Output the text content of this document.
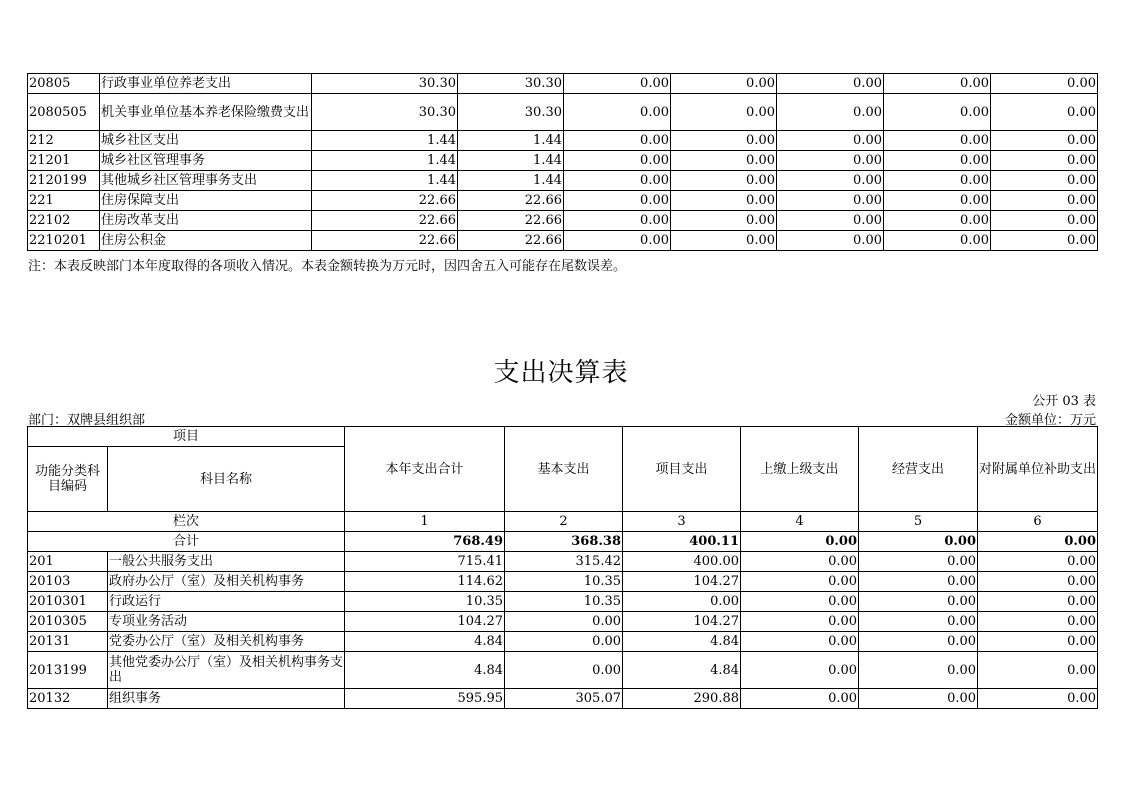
20805	行政事业单位养老支出	30.30	30.30	0.00	0.00	0.00	0.00	0.00
2080505	机关事业单位基本养老保险缴费支出	30.30	30.30	0.00	0.00	0.00	0.00	0.00
212	城乡社区支出	1.44	1.44	0.00	0.00	0.00	0.00	0.00
21201	城乡社区管理事务	1.44	1.44	0.00	0.00	0.00	0.00	0.00
2120199	其他城乡社区管理事务支出	1.44	1.44	0.00	0.00	0.00	0.00	0.00
221	住房保障支出	22.66	22.66	0.00	0.00	0.00	0.00	0.00
22102	住房改革支出	22.66	22.66	0.00	0.00	0.00	0.00	0.00
2210201	住房公积金	22.66	22.66	0.00	0.00	0.00	0.00	0.00
注：本表反映部门本年度取得的各项收入情况。本表金额转换为万元时，因四舍五入可能存在尾数误差。
支出决算表
公开 03 表
部门：双牌县组织部	金额单位：万元
项目		本年支出合计	基本支出	项目支出	上缴上级支出	经营支出	对附属单位补助支出
功能分类科目编码	科目名称						
栏次		1	2	3	4	5	6
合计		768.49	368.38	400.11	0.00	0.00	0.00
201	一般公共服务支出	715.41	315.42	400.00	0.00	0.00	0.00
20103	政府办公厅（室）及相关机构事务	114.62	10.35	104.27	0.00	0.00	0.00
2010301	行政运行	10.35	10.35	0.00	0.00	0.00	0.00
2010305	专项业务活动	104.27	0.00	104.27	0.00	0.00	0.00
20131	党委办公厅（室）及相关机构事务	4.84	0.00	4.84	0.00	0.00	0.00
2013199	其他党委办公厅（室）及相关机构事务支出	4.84	0.00	4.84	0.00	0.00	0.00
20132	组织事务	595.95	305.07	290.88	0.00	0.00	0.00
